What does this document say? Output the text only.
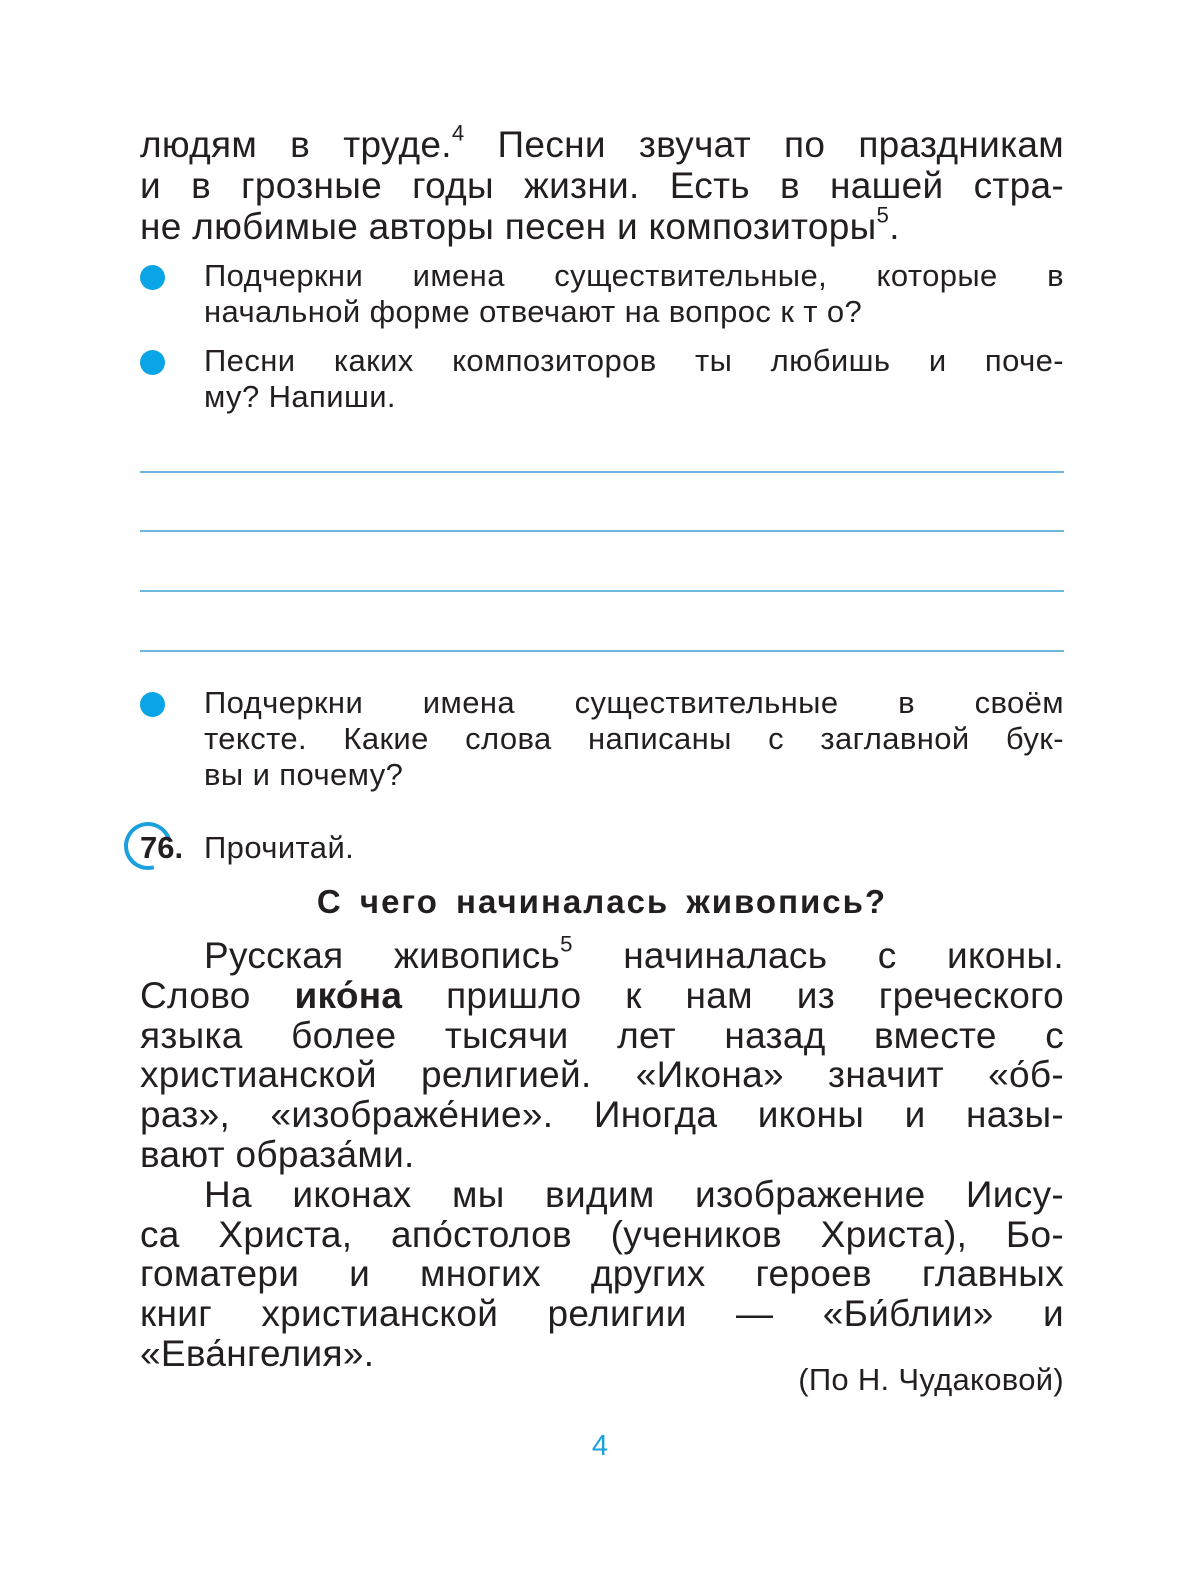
людям в труде.$^4$ Песни звучат по праздникам
и в грозные годы жизни. Есть в нашей стра-
не любимые авторы песен и композиторы$^5$.
Подчеркни имена существительные, которые в
начальной форме отвечают на вопрос к т о?
Песни каких композиторов ты любишь и поче-
му? Напиши.
Подчеркни имена существительные в своём
тексте. Какие слова написаны с заглавной бук-
вы и почему?
76. Прочитай.
С чего начиналась живопись?
Русская живопись$^5$ начиналась с иконы.
Слово ико́на пришло к нам из греческого
языка более тысячи лет назад вместе с
христианской религией. «Икона» значит «о́б-
раз», «изображе́ние». Иногда иконы и назы-
вают образа́ми.
На иконах мы видим изображение Иису-
са Христа, апо́столов (учеников Христа), Бо-
гоматери и многих других героев главных
книг христианской религии — «Би́блии» и
«Ева́нгелия».
(По Н. Чудаковой)
4
